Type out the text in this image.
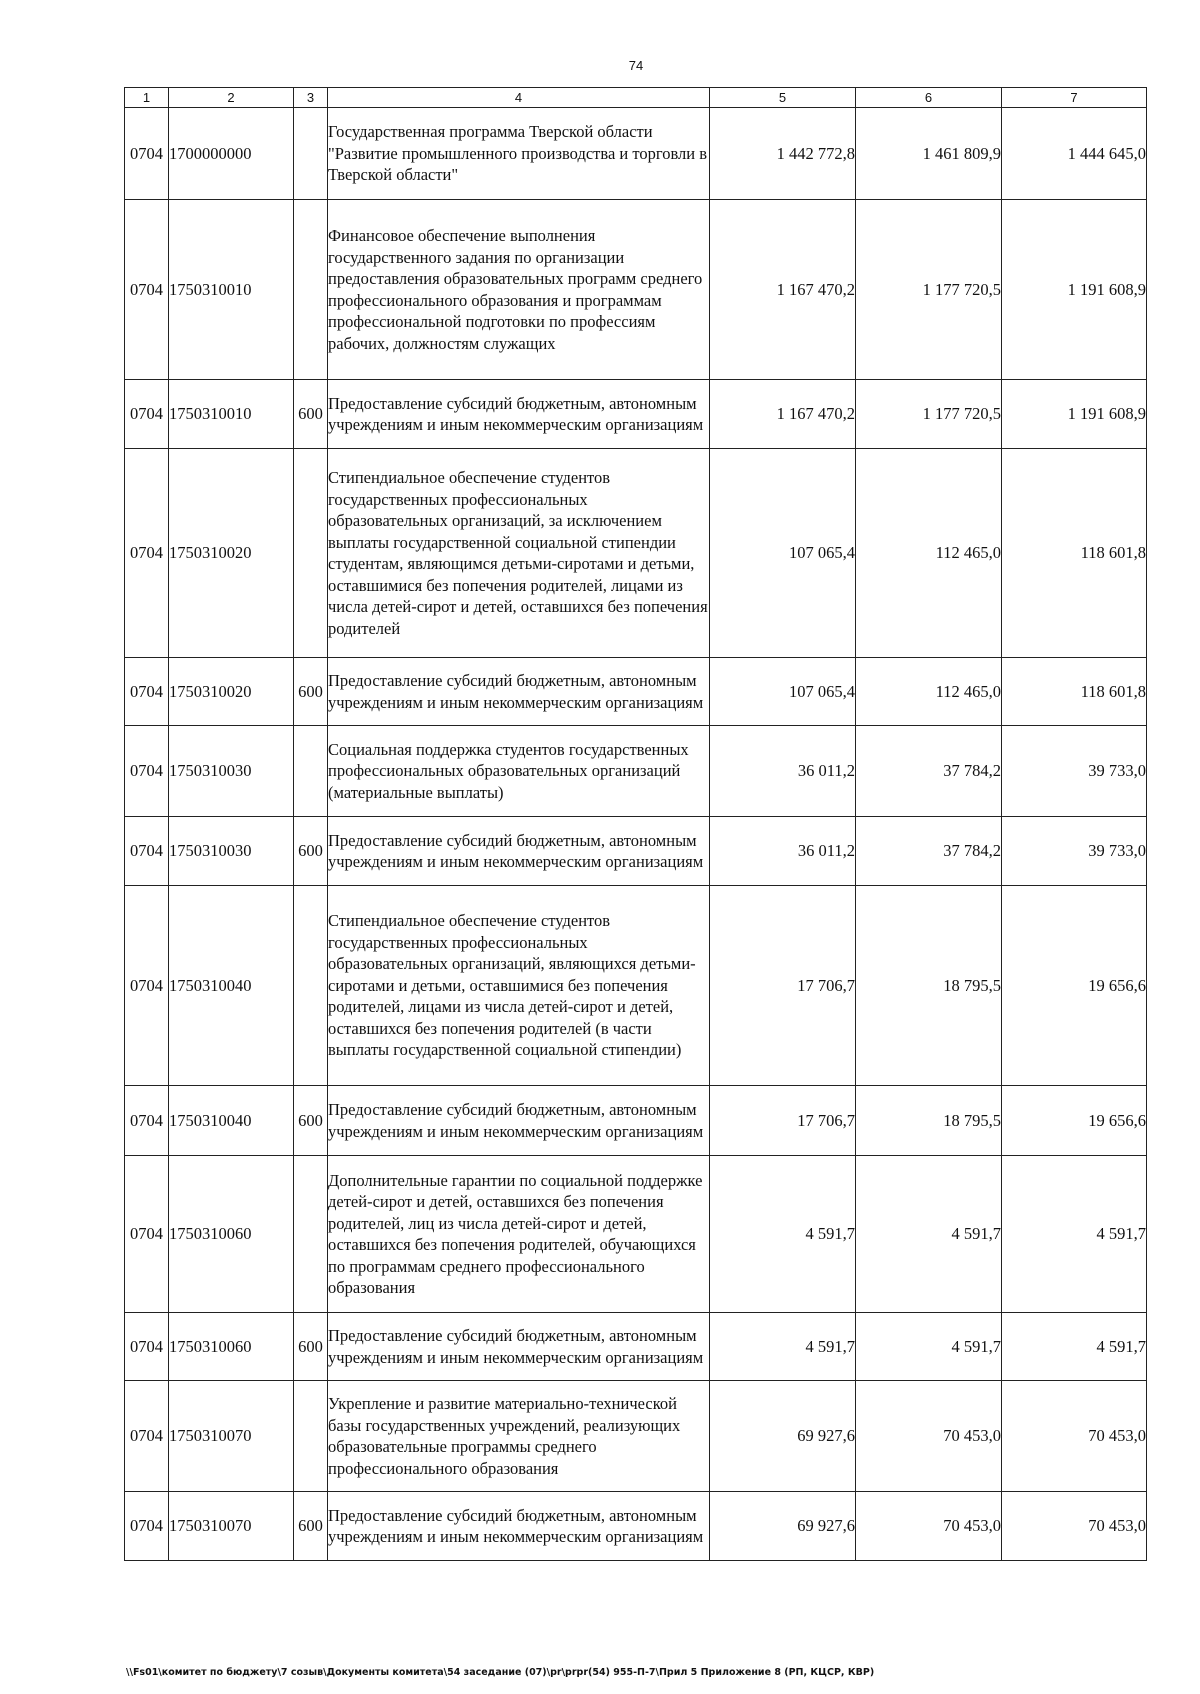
74
1	2	3	4	5	6	7
0704	1700000000		Государственная программа Тверской области "Развитие промышленного производства и торговли в Тверской области"	1 442 772,8	1 461 809,9	1 444 645,0
0704	1750310010		Финансовое обеспечение выполнения государственного задания по организации предоставления образовательных программ среднего профессионального образования и программам профессиональной подготовки по профессиям рабочих, должностям служащих	1 167 470,2	1 177 720,5	1 191 608,9
0704	1750310010	600	Предоставление субсидий бюджетным, автономным учреждениям и иным некоммерческим организациям	1 167 470,2	1 177 720,5	1 191 608,9
0704	1750310020		Стипендиальное обеспечение студентов государственных профессиональных образовательных организаций, за исключением выплаты государственной социальной стипендии студентам, являющимся детьми-сиротами и детьми, оставшимися без попечения родителей, лицами из числа детей-сирот и детей, оставшихся без попечения родителей	107 065,4	112 465,0	118 601,8
0704	1750310020	600	Предоставление субсидий бюджетным, автономным учреждениям и иным некоммерческим организациям	107 065,4	112 465,0	118 601,8
0704	1750310030		Социальная поддержка студентов государственных профессиональных образовательных организаций (материальные выплаты)	36 011,2	37 784,2	39 733,0
0704	1750310030	600	Предоставление субсидий бюджетным, автономным учреждениям и иным некоммерческим организациям	36 011,2	37 784,2	39 733,0
0704	1750310040		Стипендиальное обеспечение студентов государственных профессиональных образовательных организаций, являющихся детьми-сиротами и детьми, оставшимися без попечения родителей, лицами из числа детей-сирот и детей, оставшихся без попечения родителей (в части выплаты государственной социальной стипендии)	17 706,7	18 795,5	19 656,6
0704	1750310040	600	Предоставление субсидий бюджетным, автономным учреждениям и иным некоммерческим организациям	17 706,7	18 795,5	19 656,6
0704	1750310060		Дополнительные гарантии по социальной поддержке детей-сирот и детей, оставшихся без попечения родителей, лиц из числа детей-сирот и детей, оставшихся без попечения родителей, обучающихся по программам среднего профессионального образования	4 591,7	4 591,7	4 591,7
0704	1750310060	600	Предоставление субсидий бюджетным, автономным учреждениям и иным некоммерческим организациям	4 591,7	4 591,7	4 591,7
0704	1750310070		Укрепление и развитие материально-технической базы государственных учреждений, реализующих образовательные программы среднего профессионального образования	69 927,6	70 453,0	70 453,0
0704	1750310070	600	Предоставление субсидий бюджетным, автономным учреждениям и иным некоммерческим организациям	69 927,6	70 453,0	70 453,0
\\Fs01\комитет по бюджету\7 созыв\Документы комитета\54 заседание (07)\pr\prpr(54) 955-П-7\Прил 5 Приложение 8 (РП, КЦСР, КВР)
